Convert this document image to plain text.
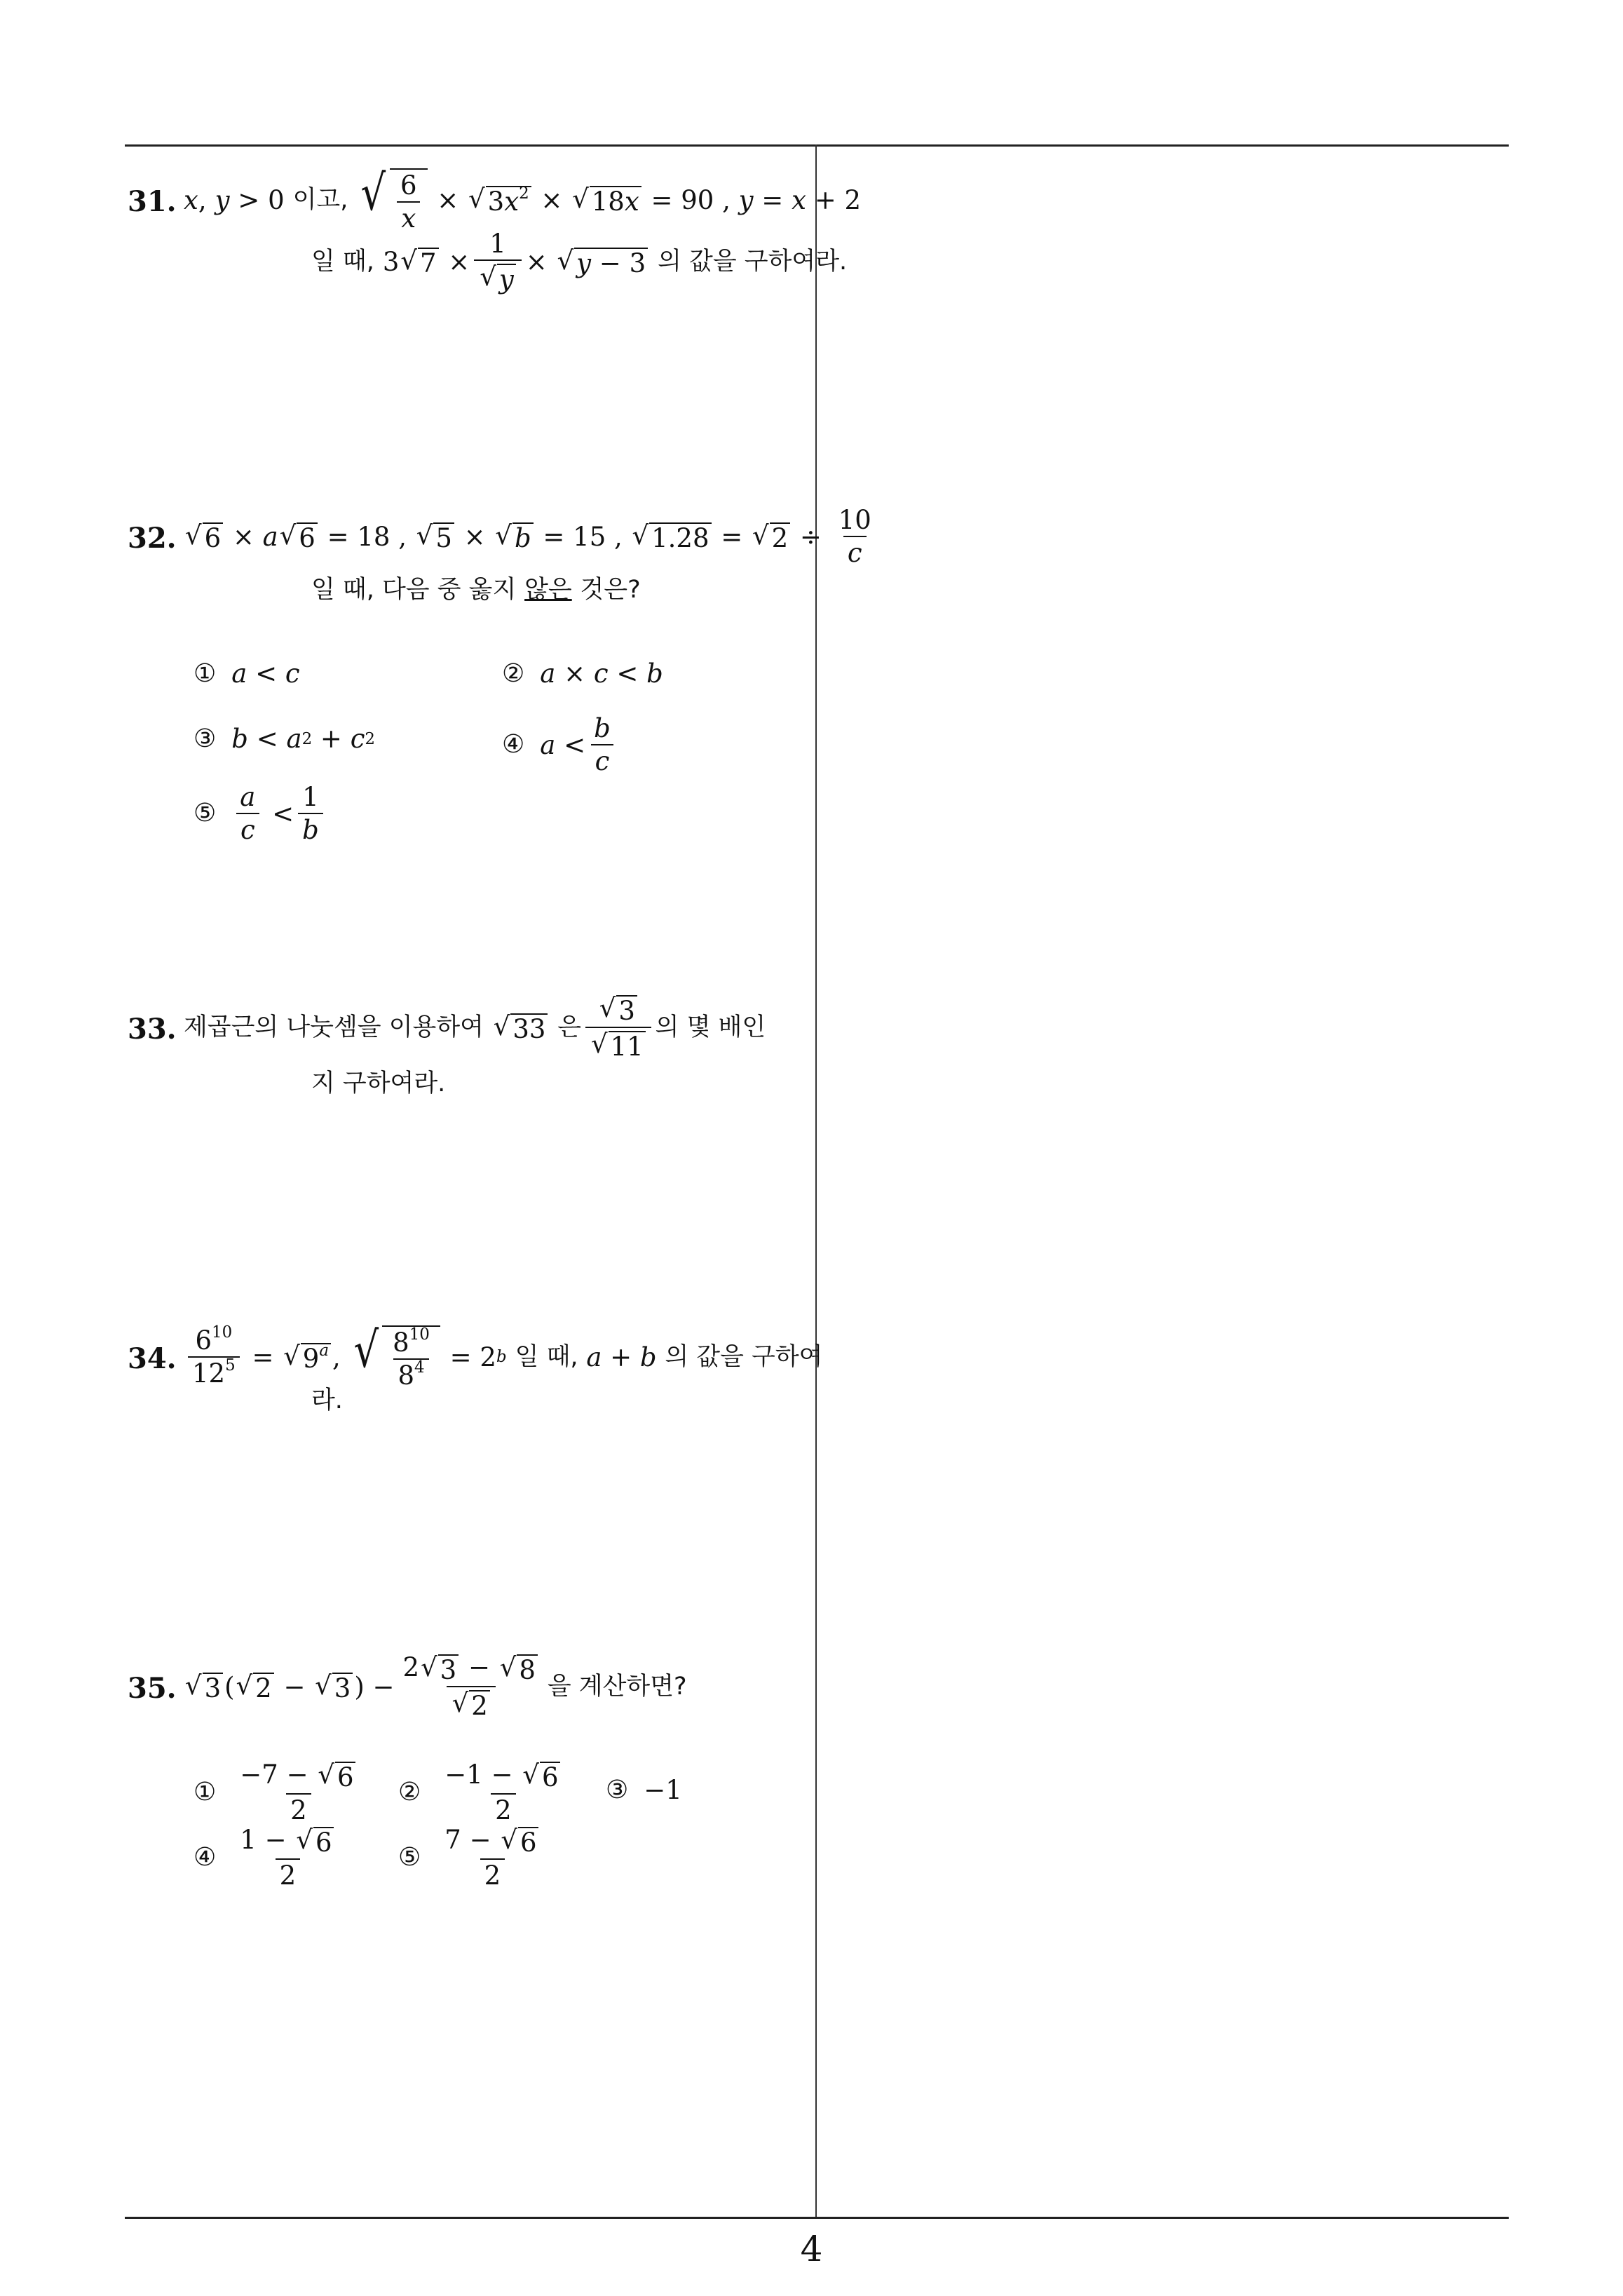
31. x , y > 0 이고, √ $\frac{6}{x}$ × √ $3x^2$ × √ 18x = 90 , y = x + 2
일 때, 3 √ $7 \times \frac{1}{√ y}$ × √ y − 3 의 값을 구하여라.
32. √ 6 × a √ 6 = 18 , √ 5 × √ b = 15 , √ 1.28 = √ $2 \div \frac{10}{c}$
일 때, 다음 중 옳지
않은
것은?
① a < c	② a × c < b
③ b < a 2 + c 2	④ $a < \frac{b}{c}$
⑤ $\frac{a}{c} < \frac{1}{b}$
33. 제곱근의 나눗셈을 이용하여
√ 33
은 $\frac{√ 3}{√ 11}$ 의 몇 배인
지 구하여라.
34. $\frac{6^{10}}{12^5}$ = √ 9$^a$ , √ $\frac{8^{10}}{8^4} = 2$ b 일 때,
a + b
의 값을 구하여
라.
35. √ 3 ( √ 2 − √ 3 ) − $\frac{2 √ 3 - √ 8}{√ 2}$ 을 계산하면?
① $\frac{-7 - √ 6}{2}$ ② $\frac{-1 - √ 6}{2}$ ③ −1
④ $\frac{1 - √ 6}{2}$ ⑤ $\frac{7 - √ 6}{2}$
4
